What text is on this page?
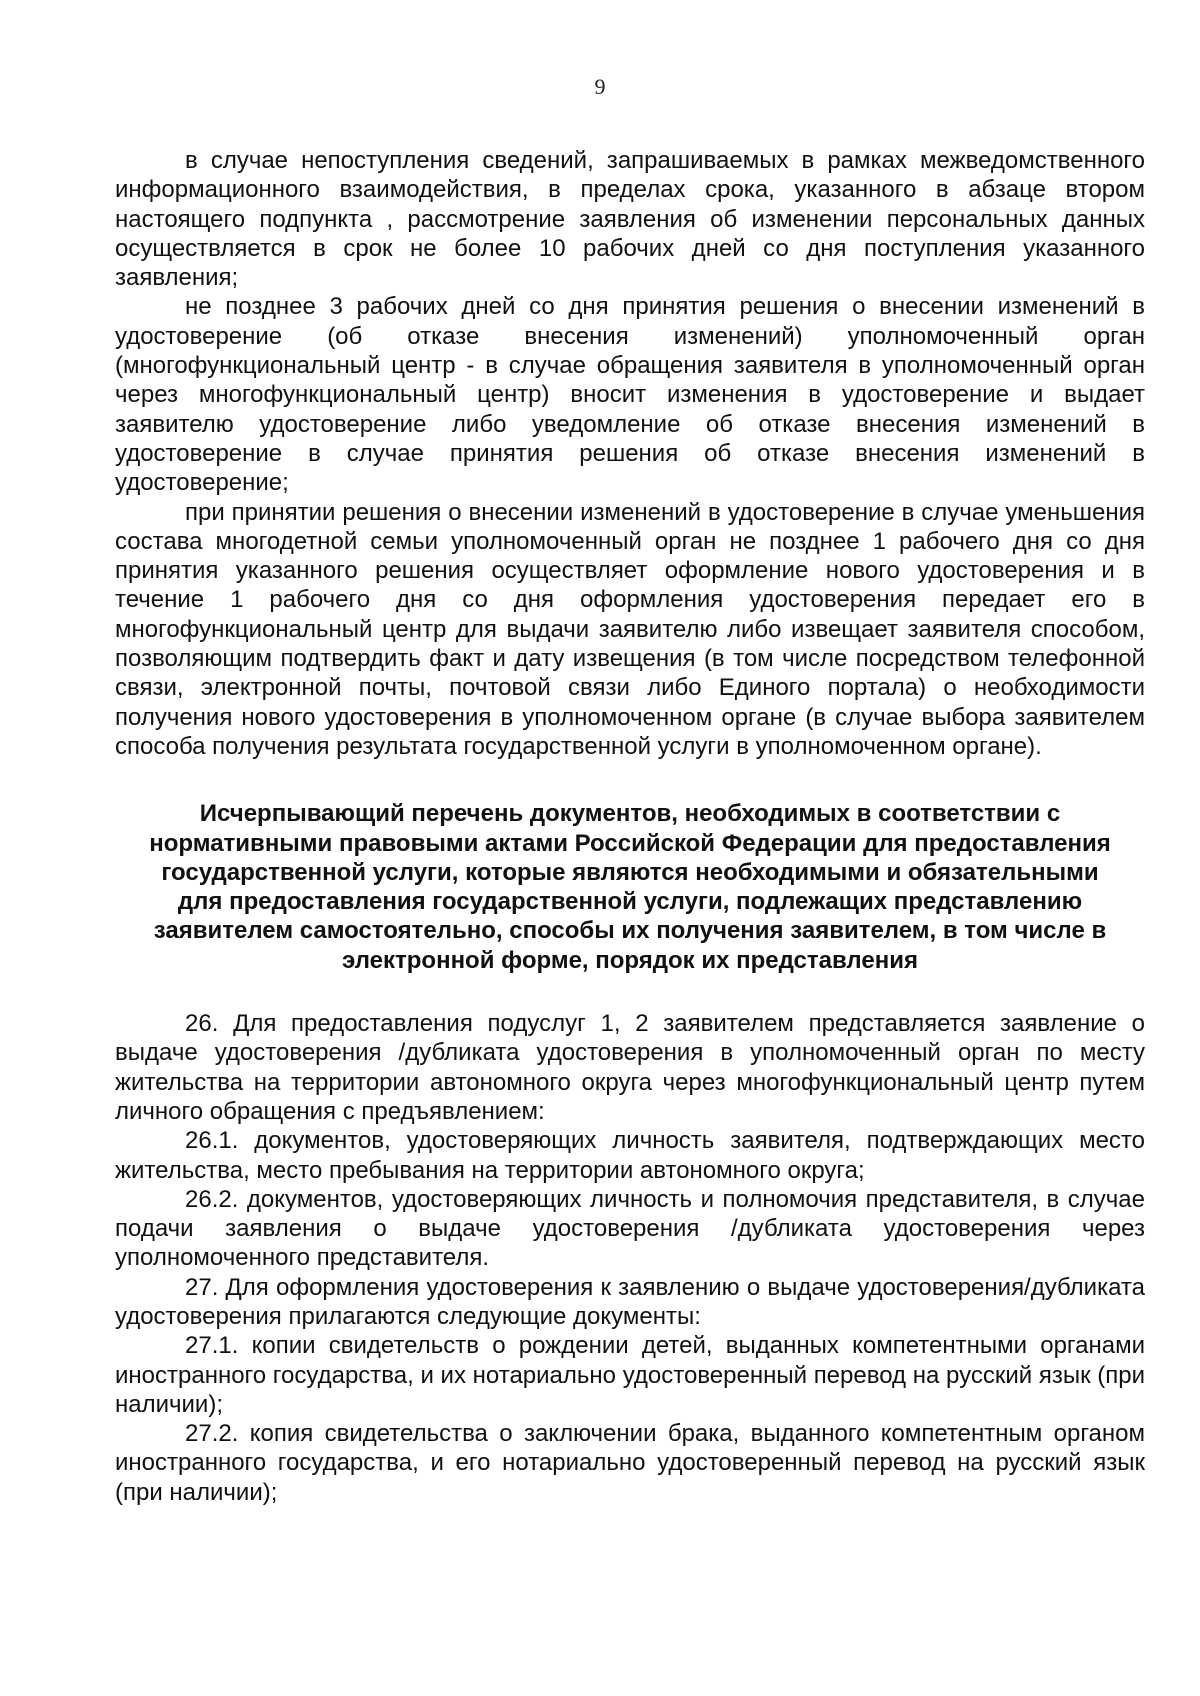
9

в случае непоступления сведений, запрашиваемых в рамках межведомственного информационного взаимодействия, в пределах срока, указанного в абзаце втором настоящего подпункта , рассмотрение заявления об изменении персональных данных осуществляется в срок не более 10 рабочих дней со дня поступления указанного заявления;

не позднее 3 рабочих дней со дня принятия решения о внесении изменений в удостоверение (об отказе внесения изменений) уполномоченный орган (многофункциональный центр - в случае обращения заявителя в уполномоченный орган через многофункциональный центр) вносит изменения в удостоверение и выдает заявителю удостоверение либо уведомление об отказе внесения изменений в удостоверение в случае принятия решения об отказе внесения изменений в удостоверение;

при принятии решения о внесении изменений в удостоверение в случае уменьшения состава многодетной семьи уполномоченный орган не позднее 1 рабочего дня со дня принятия указанного решения осуществляет оформление нового удостоверения и в течение 1 рабочего дня со дня оформления удостоверения передает его в многофункциональный центр для выдачи заявителю либо извещает заявителя способом, позволяющим подтвердить факт и дату извещения (в том числе посредством телефонной связи, электронной почты, почтовой связи либо Единого портала) о необходимости получения нового удостоверения в уполномоченном органе (в случае выбора заявителем способа получения результата государственной услуги в уполномоченном органе).

Исчерпывающий перечень документов, необходимых в соответствии с нормативными правовыми актами Российской Федерации для предоставления государственной услуги, которые являются необходимыми и обязательными для предоставления государственной услуги, подлежащих представлению заявителем самостоятельно, способы их получения заявителем, в том числе в электронной форме, порядок их представления

26. Для предоставления подуслуг 1, 2 заявителем представляется заявление о выдаче удостоверения /дубликата удостоверения в уполномоченный орган по месту жительства на территории автономного округа через многофункциональный центр путем личного обращения с предъявлением:

26.1. документов, удостоверяющих личность заявителя, подтверждающих место жительства, место пребывания на территории автономного округа;

26.2. документов, удостоверяющих личность и полномочия представителя, в случае подачи заявления о выдаче удостоверения /дубликата удостоверения через уполномоченного представителя.

27. Для оформления удостоверения к заявлению о выдаче удостоверения/дубликата удостоверения прилагаются следующие документы:

27.1. копии свидетельств о рождении детей, выданных компетентными органами иностранного государства, и их нотариально удостоверенный перевод на русский язык (при наличии);

27.2. копия свидетельства о заключении брака, выданного компетентным органом иностранного государства, и его нотариально удостоверенный перевод на русский язык (при наличии);
